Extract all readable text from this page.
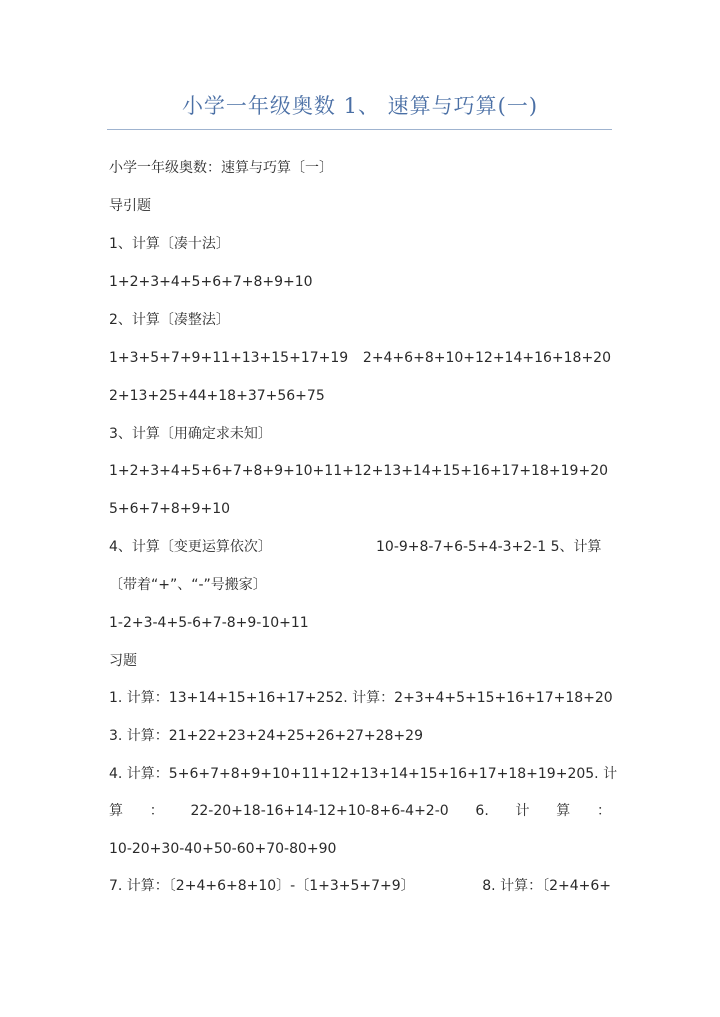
小学一年级奥数 1、 速算与巧算(一)
小学一年级奥数：速算与巧算〔一〕
导引题
1、计算〔凑十法〕
1+2+3+4+5+6+7+8+9+10
2、计算〔凑整法〕
1+3+5+7+9+11+13+15+17+19 2+4+6+8+10+12+14+16+18+20
2+13+25+44+18+37+56+75
3、计算〔用确定求未知〕
1+2+3+4+5+6+7+8+9+10+11+12+13+14+15+16+17+18+19+20
5+6+7+8+9+10
4、计算〔变更运算依次〕	10-9+8-7+6-5+4-3+2-1 5、计算
〔带着“+”、“-”号搬家〕
1-2+3-4+5-6+7-8+9-10+11
习题
1. 计算：13+14+15+16+17+25 2. 计算：2+3+4+5+15+16+17+18+20
3. 计算：21+22+23+24+25+26+27+28+29
4. 计算：5+6+7+8+9+10+11+12+13+14+15+16+17+18+19+20 5. 计
算 ： 22-20+18-16+14-12+10-8+6-4+2-0 6. 计 算 ：
10-20+30-40+50-60+70-80+90
7. 计算：〔2+4+6+8+10〕-〔1+3+5+7+9〕	8. 计算：〔2+4+6+
